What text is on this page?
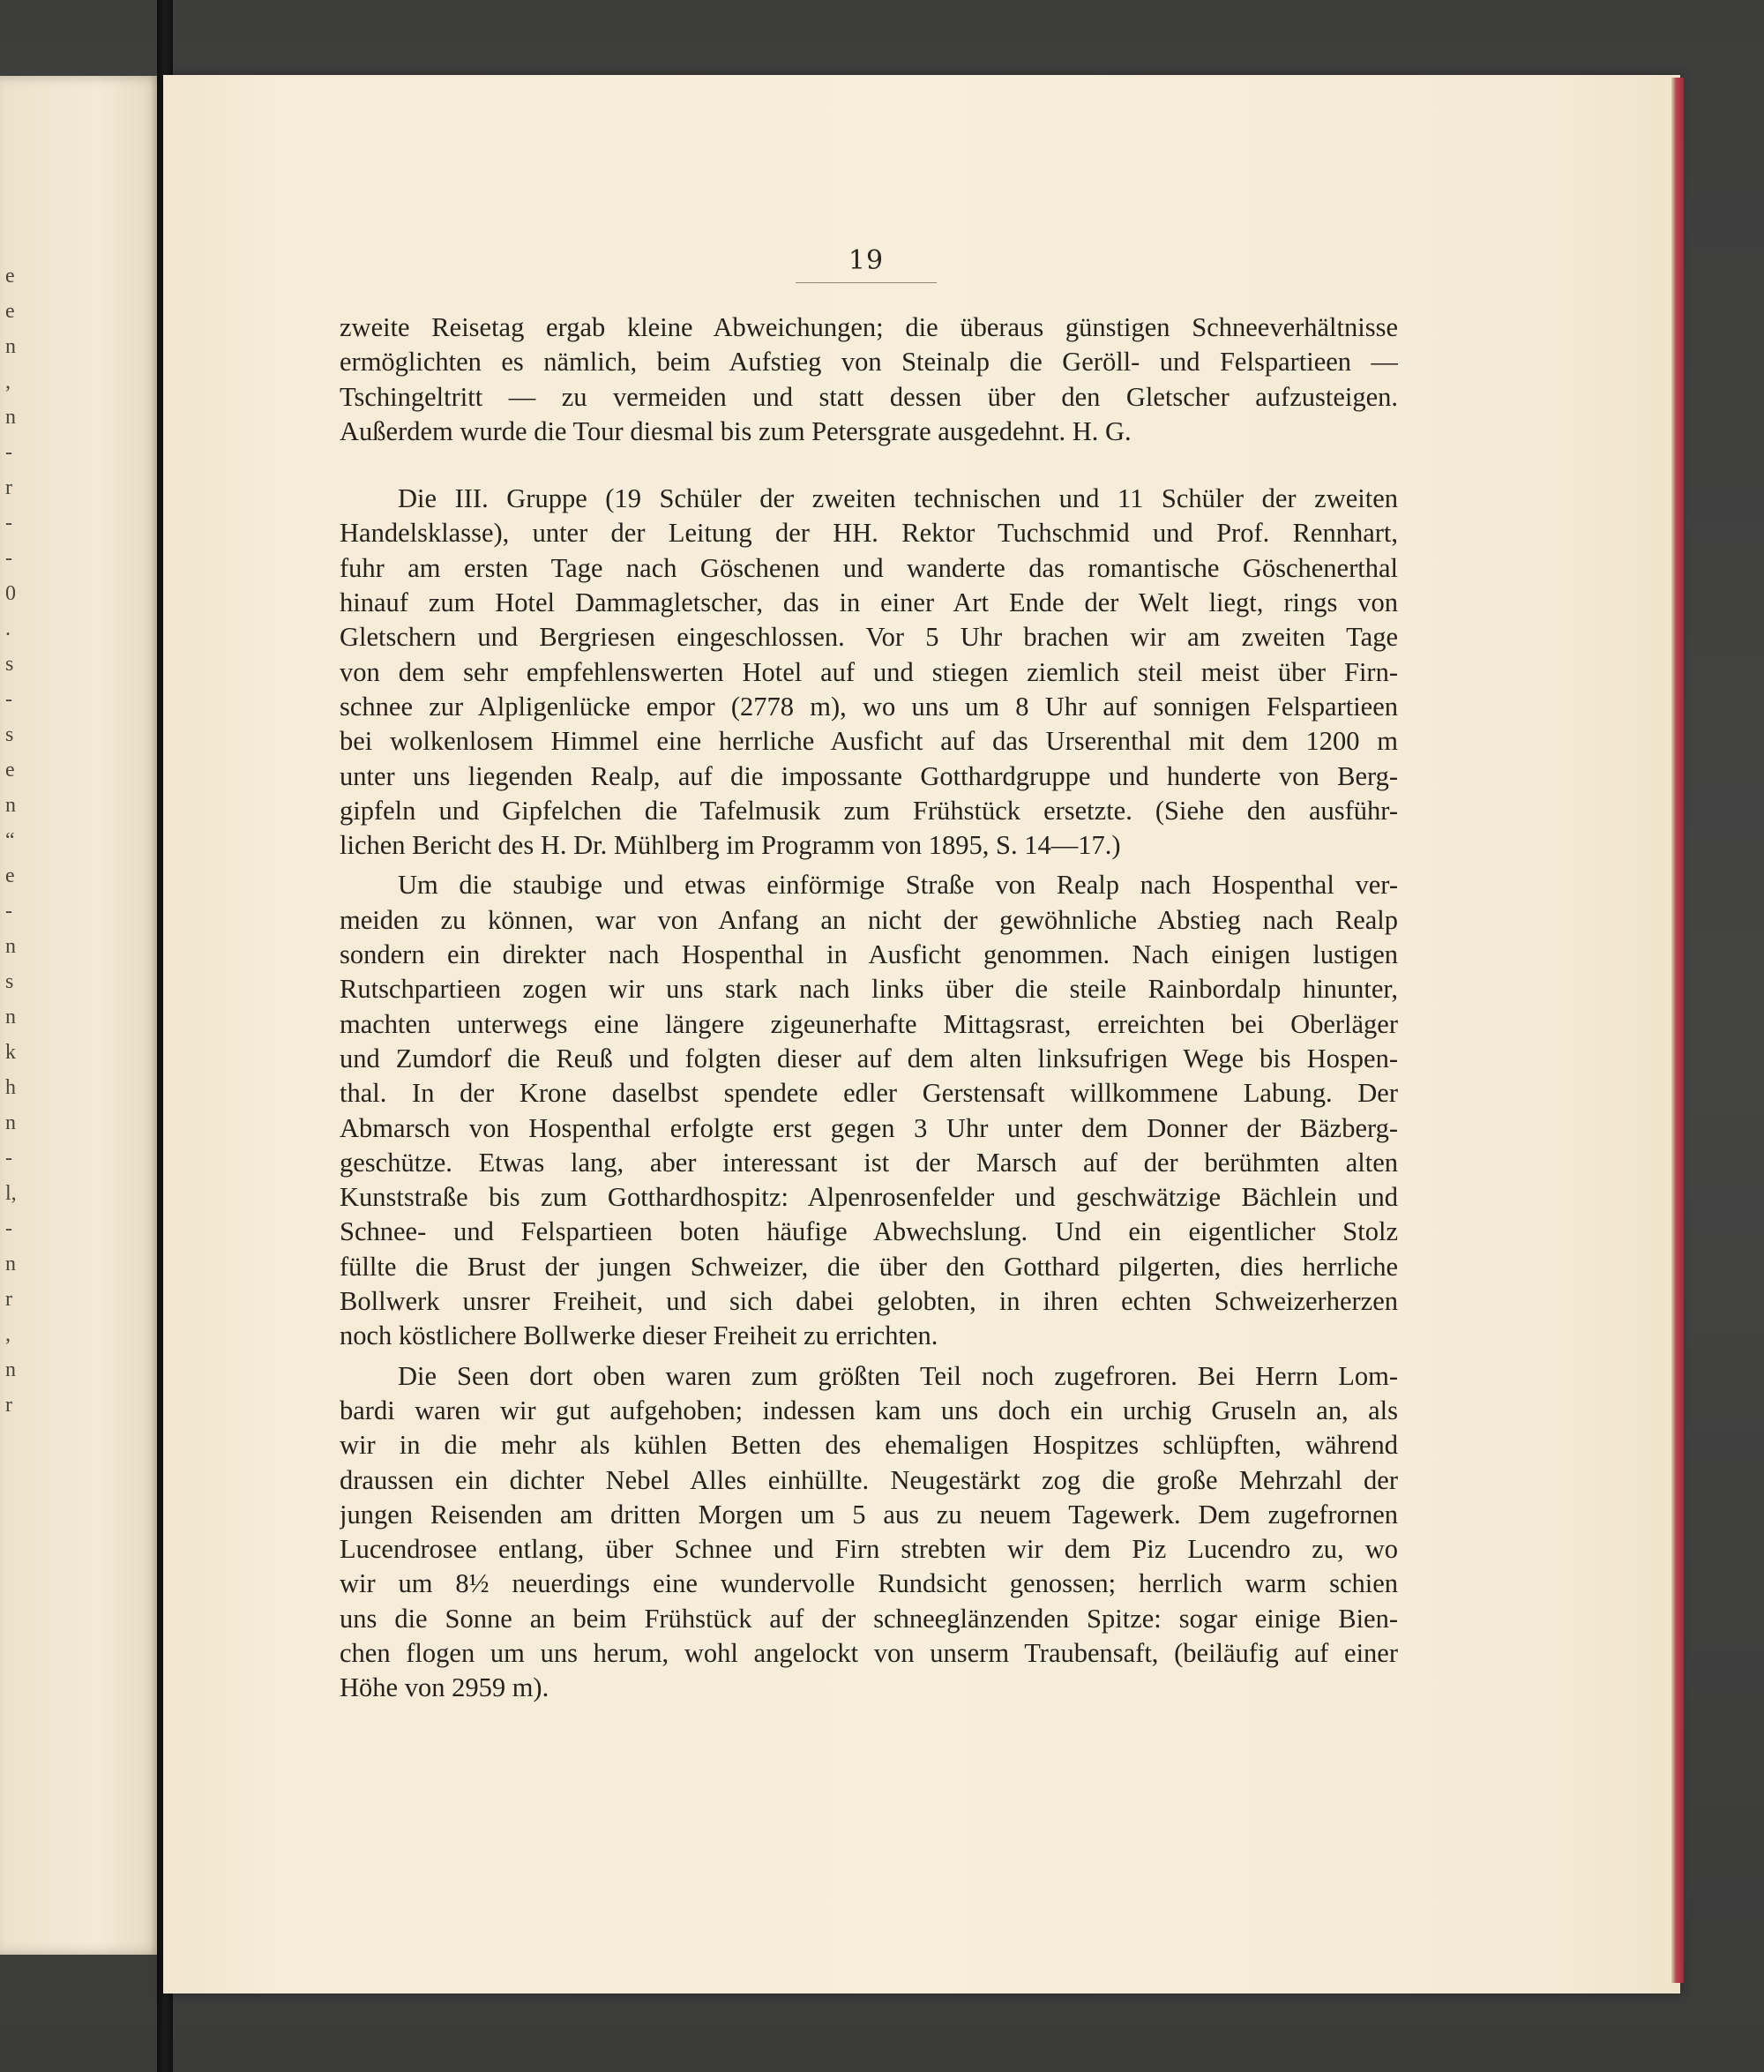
e
e
n
,
n
-
r
-
-
0
.
s
-
s
e
n
“
e
-
n
s
n
k
h
n
-
l,
-
n
r
,
n
r
19
zweite Reisetag ergab kleine Abweichungen; die überaus günstigen Schneeverhältnisse
ermöglichten es nämlich, beim Aufstieg von Steinalp die Geröll- und Felspartieen —
Tschingeltritt — zu vermeiden und statt dessen über den Gletscher aufzusteigen.
Außerdem wurde die Tour diesmal bis zum Petersgrate ausgedehnt. H. G.
Die III. Gruppe (19 Schüler der zweiten technischen und 11 Schüler der zweiten
Handelsklasse), unter der Leitung der HH. Rektor Tuchschmid und Prof. Rennhart,
fuhr am ersten Tage nach Göschenen und wanderte das romantische Göschenerthal
hinauf zum Hotel Dammagletscher, das in einer Art Ende der Welt liegt, rings von
Gletschern und Bergriesen eingeschlossen. Vor 5 Uhr brachen wir am zweiten Tage
von dem sehr empfehlenswerten Hotel auf und stiegen ziemlich steil meist über Firn-
schnee zur Alpligenlücke empor (2778 m), wo uns um 8 Uhr auf sonnigen Felspartieen
bei wolkenlosem Himmel eine herrliche Ausficht auf das Urserenthal mit dem 1200 m
unter uns liegenden Realp, auf die impossante Gotthardgruppe und hunderte von Berg-
gipfeln und Gipfelchen die Tafelmusik zum Frühstück ersetzte. (Siehe den ausführ-
lichen Bericht des H. Dr. Mühlberg im Programm von 1895, S. 14—17.)
Um die staubige und etwas einförmige Straße von Realp nach Hospenthal ver-
meiden zu können, war von Anfang an nicht der gewöhnliche Abstieg nach Realp
sondern ein direkter nach Hospenthal in Ausficht genommen. Nach einigen lustigen
Rutschpartieen zogen wir uns stark nach links über die steile Rainbordalp hinunter,
machten unterwegs eine längere zigeunerhafte Mittagsrast, erreichten bei Oberläger
und Zumdorf die Reuß und folgten dieser auf dem alten linksufrigen Wege bis Hospen-
thal. In der Krone daselbst spendete edler Gerstensaft willkommene Labung. Der
Abmarsch von Hospenthal erfolgte erst gegen 3 Uhr unter dem Donner der Bäzberg-
geschütze. Etwas lang, aber interessant ist der Marsch auf der berühmten alten
Kunststraße bis zum Gotthardhospitz: Alpenrosenfelder und geschwätzige Bächlein und
Schnee- und Felspartieen boten häufige Abwechslung. Und ein eigentlicher Stolz
füllte die Brust der jungen Schweizer, die über den Gotthard pilgerten, dies herrliche
Bollwerk unsrer Freiheit, und sich dabei gelobten, in ihren echten Schweizerherzen
noch köstlichere Bollwerke dieser Freiheit zu errichten.
Die Seen dort oben waren zum größten Teil noch zugefroren. Bei Herrn Lom-
bardi waren wir gut aufgehoben; indessen kam uns doch ein urchig Gruseln an, als
wir in die mehr als kühlen Betten des ehemaligen Hospitzes schlüpften, während
draussen ein dichter Nebel Alles einhüllte. Neugestärkt zog die große Mehrzahl der
jungen Reisenden am dritten Morgen um 5 aus zu neuem Tagewerk. Dem zugefrornen
Lucendrosee entlang, über Schnee und Firn strebten wir dem Piz Lucendro zu, wo
wir um 8½ neuerdings eine wundervolle Rundsicht genossen; herrlich warm schien
uns die Sonne an beim Frühstück auf der schneeglänzenden Spitze: sogar einige Bien-
chen flogen um uns herum, wohl angelockt von unserm Traubensaft, (beiläufig auf einer
Höhe von 2959 m).
